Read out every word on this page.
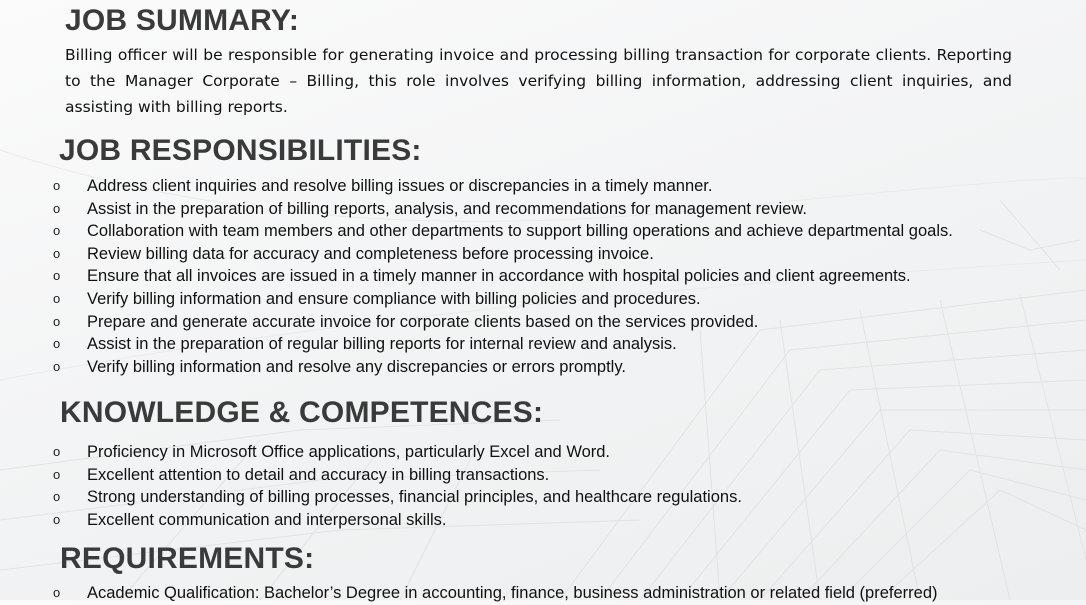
JOB SUMMARY:

Billing officer will be responsible for generating invoice and processing billing transaction for corporate clients. Reporting to the Manager Corporate – Billing, this role involves verifying billing information, addressing client inquiries, and assisting with billing reports.

JOB RESPONSIBILITIES:
o Address client inquiries and resolve billing issues or discrepancies in a timely manner.
o Assist in the preparation of billing reports, analysis, and recommendations for management review.
o Collaboration with team members and other departments to support billing operations and achieve departmental goals.
o Review billing data for accuracy and completeness before processing invoice.
o Ensure that all invoices are issued in a timely manner in accordance with hospital policies and client agreements.
o Verify billing information and ensure compliance with billing policies and procedures.
o Prepare and generate accurate invoice for corporate clients based on the services provided.
o Assist in the preparation of regular billing reports for internal review and analysis.
o Verify billing information and resolve any discrepancies or errors promptly.
KNOWLEDGE & COMPETENCES:
o Proficiency in Microsoft Office applications, particularly Excel and Word.
o Excellent attention to detail and accuracy in billing transactions.
o Strong understanding of billing processes, financial principles, and healthcare regulations.
o Excellent communication and interpersonal skills.
REQUIREMENTS:
o Academic Qualification: Bachelor’s Degree in accounting, finance, business administration or related field (preferred)
